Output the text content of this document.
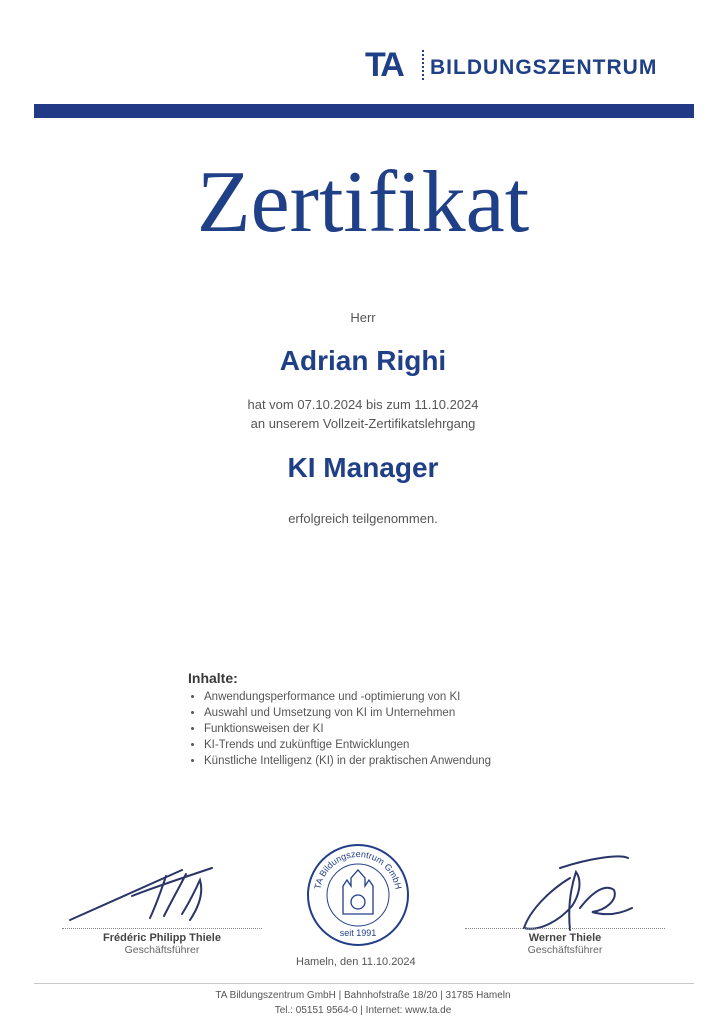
TA BILDUNGSZENTRUM
Zertifikat
Herr
Adrian Righi
hat vom 07.10.2024 bis zum 11.10.2024
an unserem Vollzeit-Zertifikatslehrgang
KI Manager
erfolgreich teilgenommen.
Inhalte:
• Anwendungsperformance und -optimierung von KI
• Auswahl und Umsetzung von KI im Unternehmen
• Funktionsweisen der KI
• KI-Trends und zukünftige Entwicklungen
• Künstliche Intelligenz (KI) in der praktischen Anwendung
Frédéric Philipp Thiele
Geschäftsführer
TA Bildungszentrum GmbH
seit 1991
Hameln, den 11.10.2024
Werner Thiele
Geschäftsführer
TA Bildungszentrum GmbH | Bahnhofstraße 18/20 | 31785 Hameln
Tel.: 05151 9564-0 | Internet: www.ta.de
